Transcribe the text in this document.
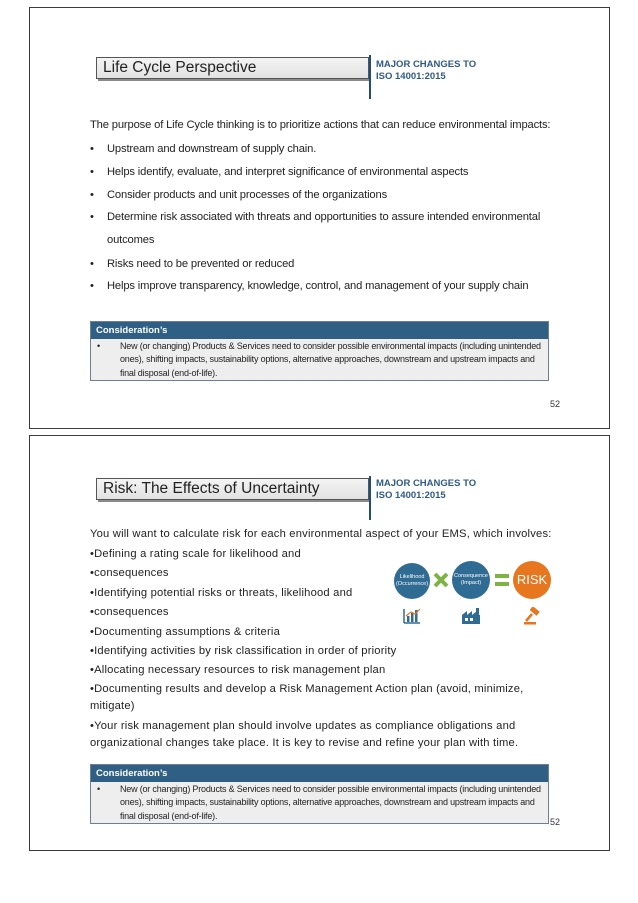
Life Cycle Perspective	MAJOR CHANGES TO
ISO 14001:2015
The purpose of Life Cycle thinking is to prioritize actions that can reduce environmental impacts:
• Upstream and downstream of supply chain.
• Helps identify, evaluate, and interpret significance of environmental aspects
• Consider products and unit processes of the organizations
• Determine risk associated with threats and opportunities to assure intended environmental
outcomes
• Risks need to be prevented or reduced
• Helps improve transparency, knowledge, control, and management of your supply chain
Consideration’s
• New (or changing) Products & Services need to consider possible environmental impacts (including unintended ones), shifting impacts, sustainability options, alternative approaches, downstream and upstream impacts and final disposal (end-of-life).
52
Risk: The Effects of Uncertainty	MAJOR CHANGES TO
ISO 14001:2015
You will want to calculate risk for each environmental aspect of your EMS, which involves:
•Defining a rating scale for likelihood and
•consequences
•Identifying potential risks or threats, likelihood and
•consequences
•Documenting assumptions & criteria
•Identifying activities by risk classification in order of priority
•Allocating necessary resources to risk management plan
•Documenting results and develop a Risk Management Action plan (avoid, minimize,
mitigate)
•Your risk management plan should involve updates as compliance obligations and
organizational changes take place. It is key to revise and refine your plan with time.
Likelihood
(Occurrence)
Consequence
(Impact)	RISK
Consideration’s
• New (or changing) Products & Services need to consider possible environmental impacts (including unintended ones), shifting impacts, sustainability options, alternative approaches, downstream and upstream impacts and final disposal (end-of-life).
52
